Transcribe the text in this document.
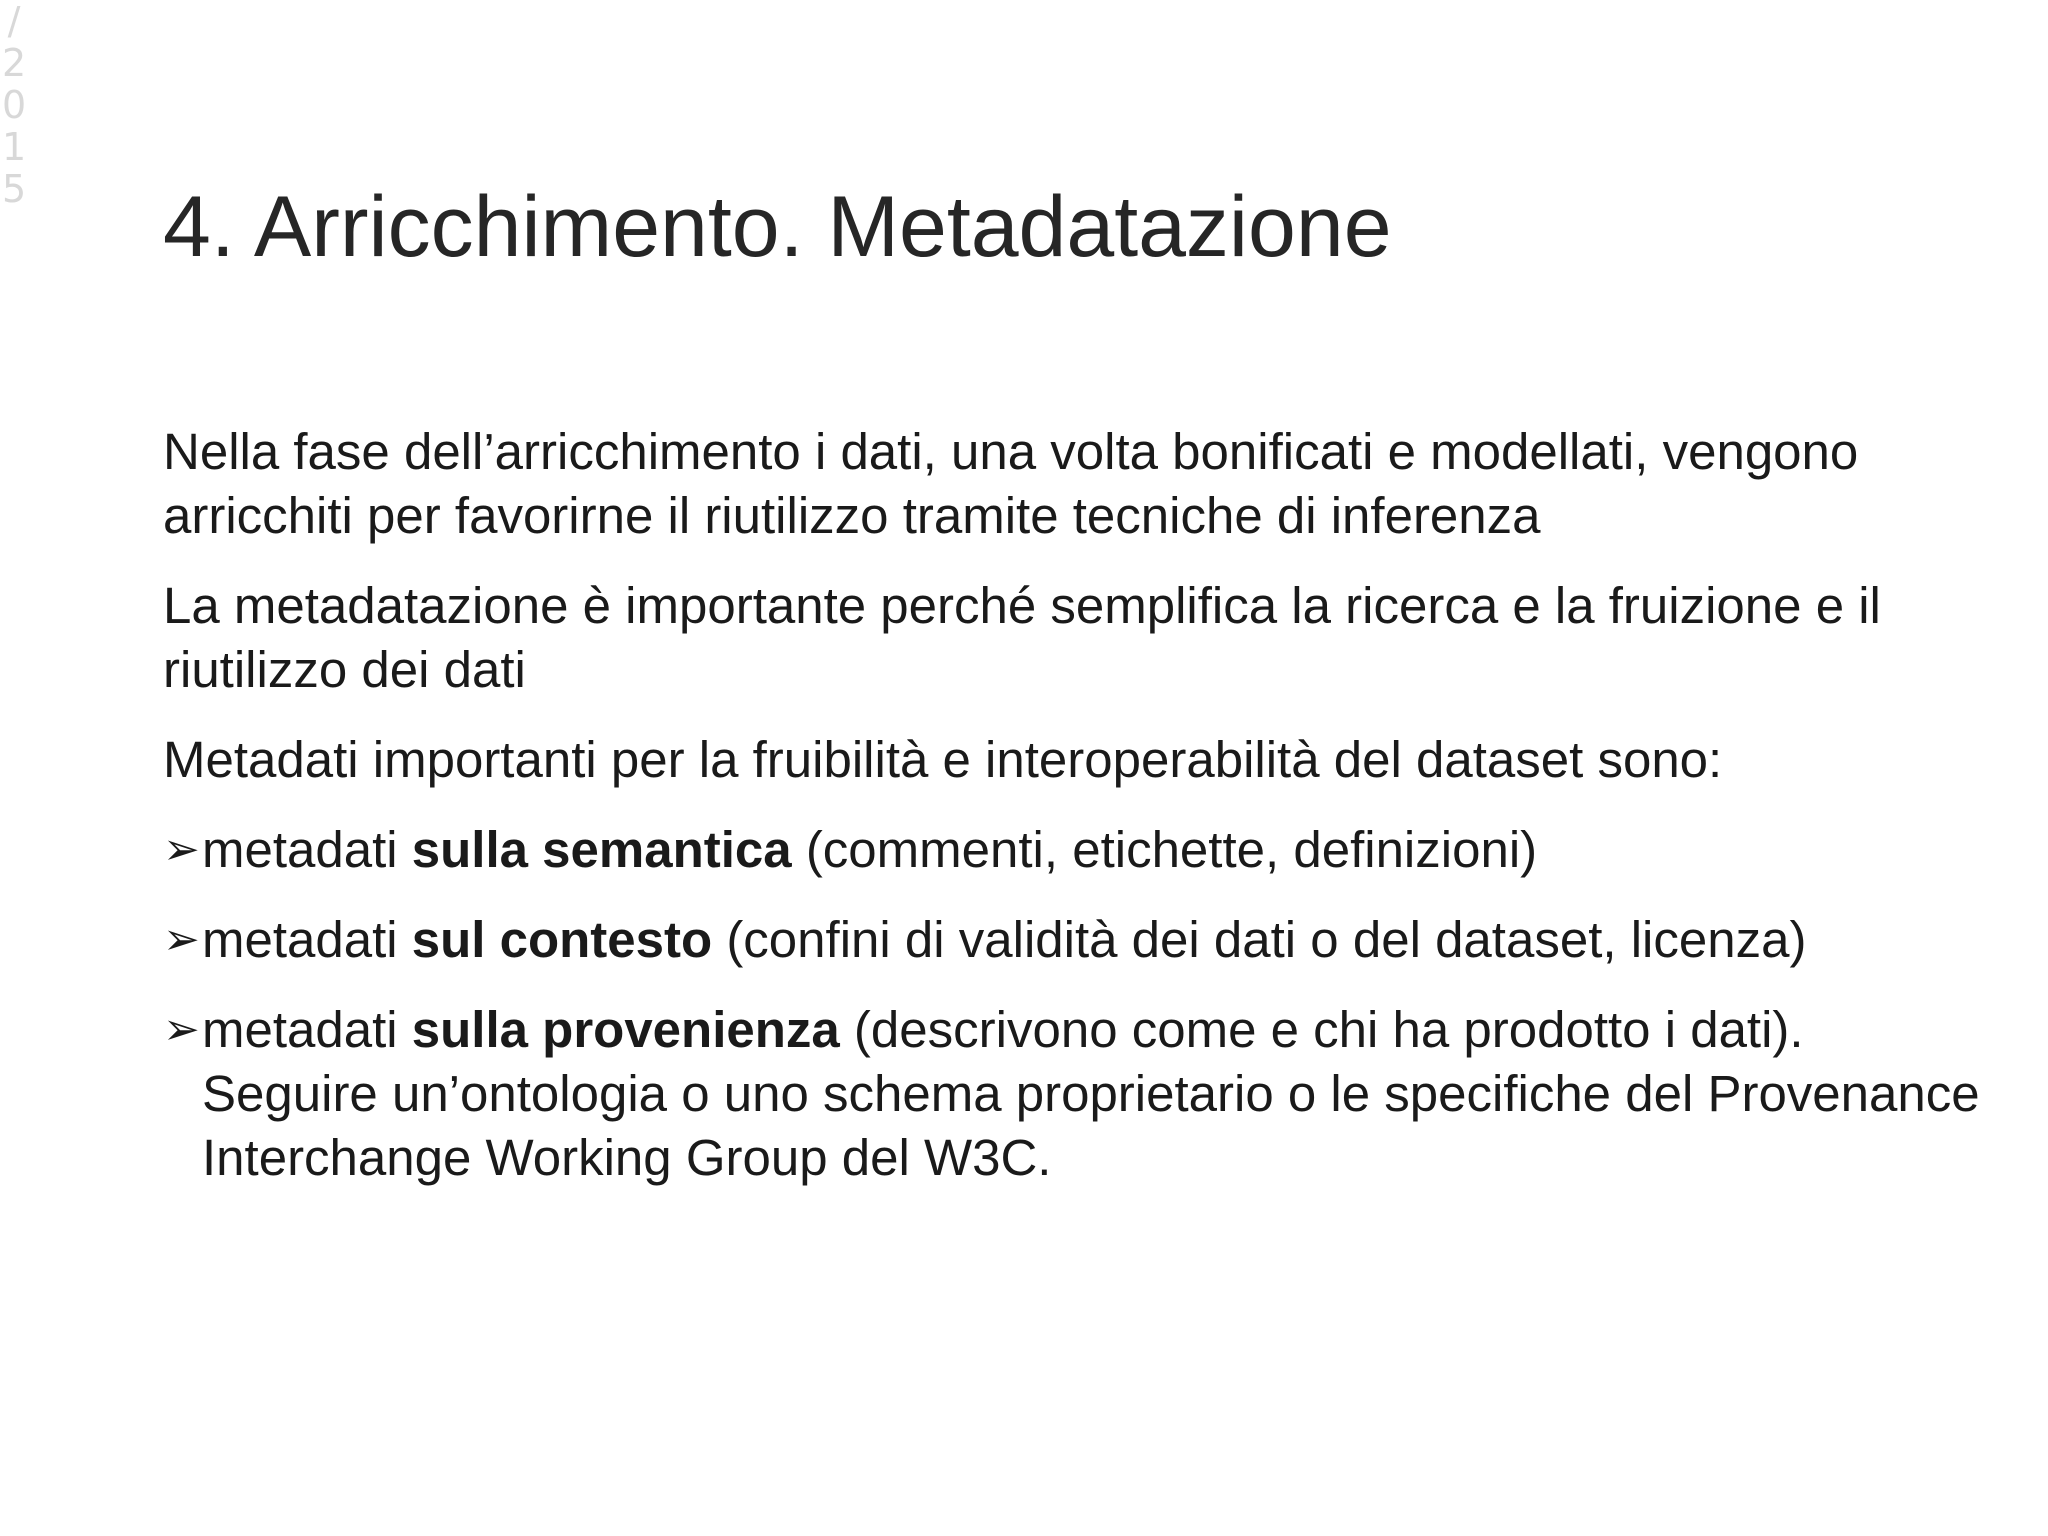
/
2
0
1
5 4. Arricchimento. Metadatazione

Nella fase dell’arricchimento i dati, una volta bonificati e modellati, vengono arricchiti per favorirne il riutilizzo tramite tecniche di inferenza

La metadatazione è importante perché semplifica la ricerca e la fruizione e il riutilizzo dei dati

Metadati importanti per la fruibilità e interoperabilità del dataset sono:

➢ metadati sulla semantica (commenti, etichette, definizioni)
➢ metadati sul contesto (confini di validità dei dati o del dataset, licenza)
➢ metadati sulla provenienza (descrivono come e chi ha prodotto i dati). Seguire un’ontologia o uno schema proprietario o le specifiche del Provenance Interchange Working Group del W3C.
